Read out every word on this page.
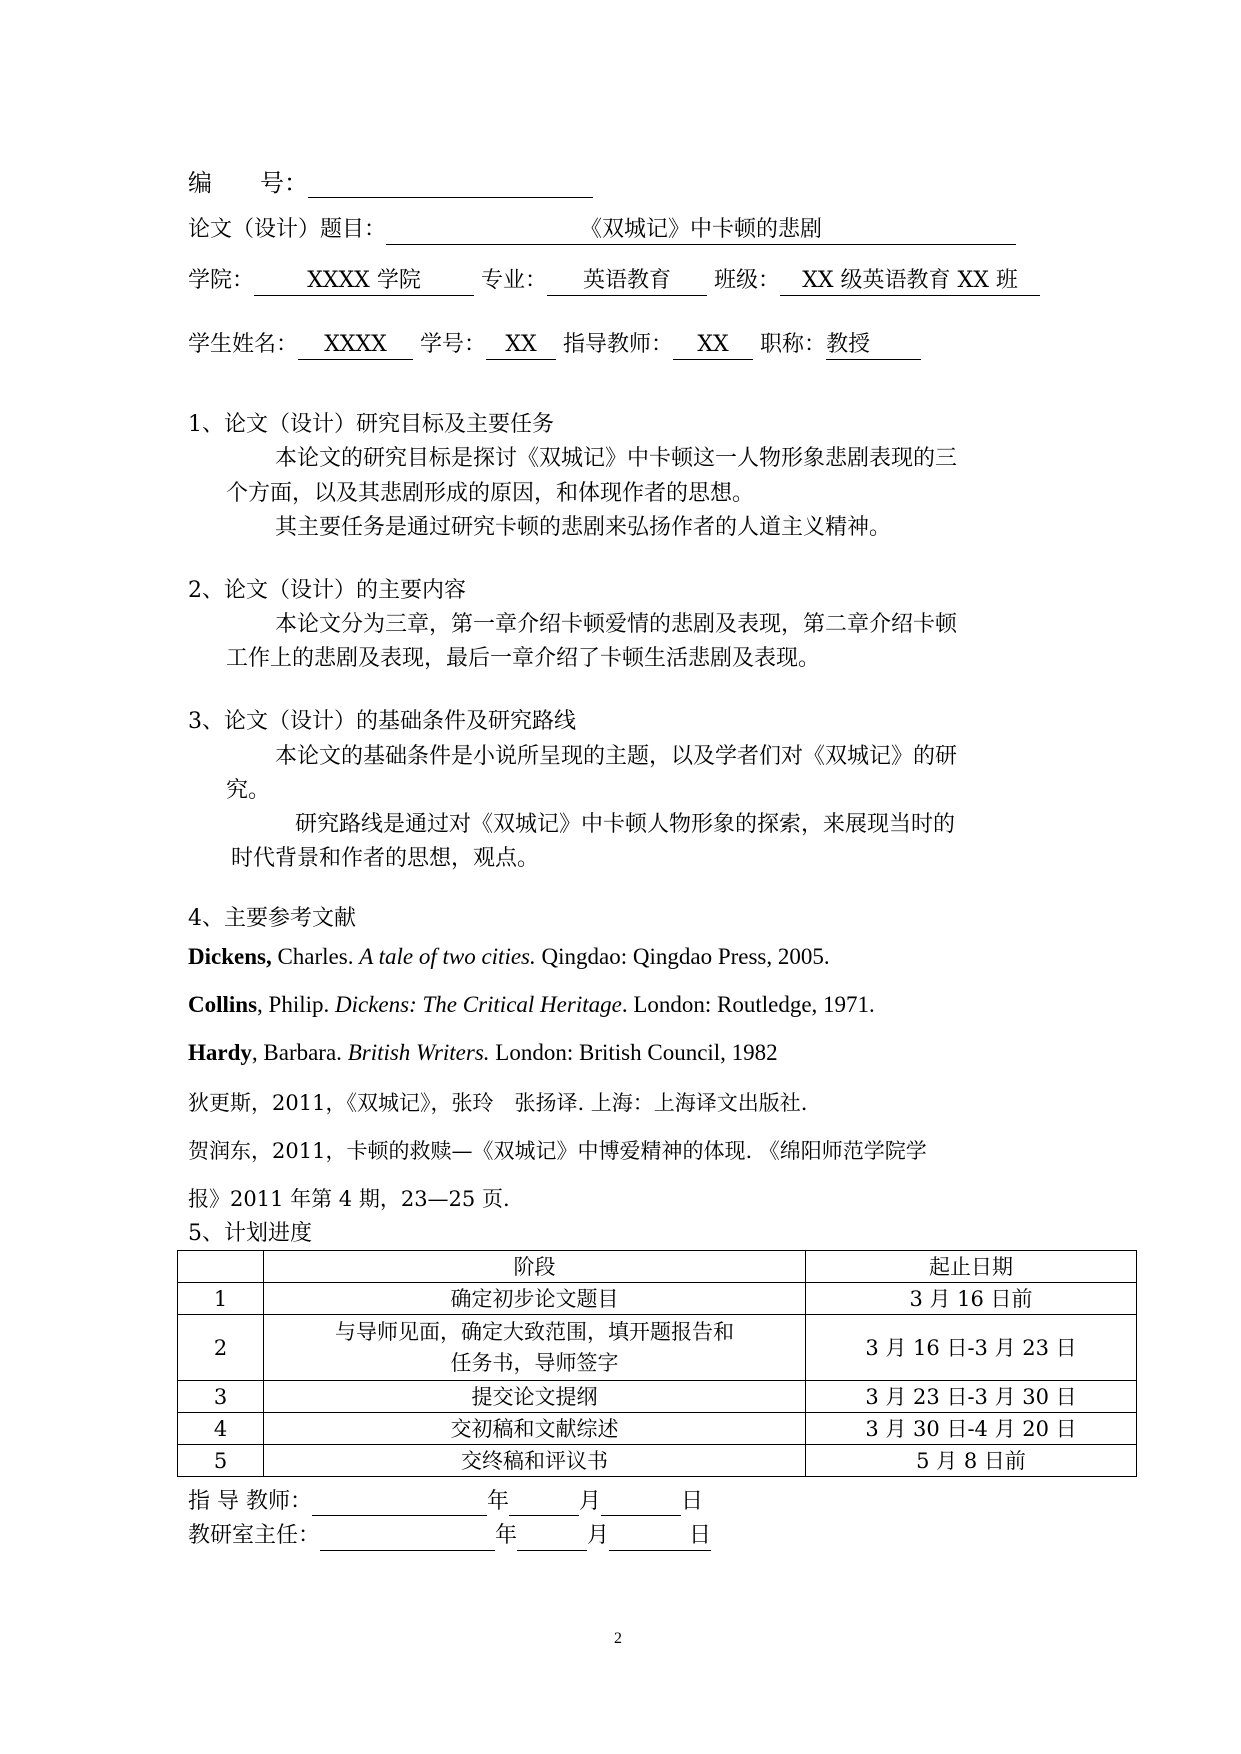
编　　号：
论文（设计）题目：	《双城记》中卡顿的悲剧
学院： XXXX 学院	专业： 英语教育 班级： XX 级英语教育 XX 班
学生姓名： XXXX 学号： XX 指导教师： XX 职称：教授
1、论文（设计）研究目标及主要任务
本论文的研究目标是探讨《双城记》中卡顿这一人物形象悲剧表现的三
个方面，以及其悲剧形成的原因，和体现作者的思想。
其主要任务是通过研究卡顿的悲剧来弘扬作者的人道主义精神。
2、论文（设计）的主要内容
本论文分为三章，第一章介绍卡顿爱情的悲剧及表现，第二章介绍卡顿
工作上的悲剧及表现，最后一章介绍了卡顿生活悲剧及表现。
3、论文（设计）的基础条件及研究路线
本论文的基础条件是小说所呈现的主题，以及学者们对《双城记》的研
究。
研究路线是通过对《双城记》中卡顿人物形象的探索，来展现当时的
时代背景和作者的思想，观点。
4、主要参考文献
Dickens, Charles. A tale of two cities. Qingdao: Qingdao Press, 2005.
Collins, Philip. Dickens: The Critical Heritage. London: Routledge, 1971.
Hardy, Barbara. British Writers. London: British Council, 1982
狄更斯，2011，《双城记》，张玲　张扬译. 上海：上海译文出版社.
贺润东，2011，卡顿的救赎—《双城记》中博爱精神的体现. 《绵阳师范学院学
报》2011 年第 4 期，23—25 页.
5、计划进度
	阶段	起止日期
1	确定初步论文题目	3 月 16 日前
2	与导师见面，确定大致范围，填开题报告和
任务书，导师签字	3 月 16 日-3 月 23 日
3	提交论文提纲	3 月 23 日-3 月 30 日
4	交初稿和文献综述	3 月 30 日-4 月 20 日
5	交终稿和评议书	5 月 8 日前
指 导 教师：	年	月	日
教研室主任：	年	月	日
2
